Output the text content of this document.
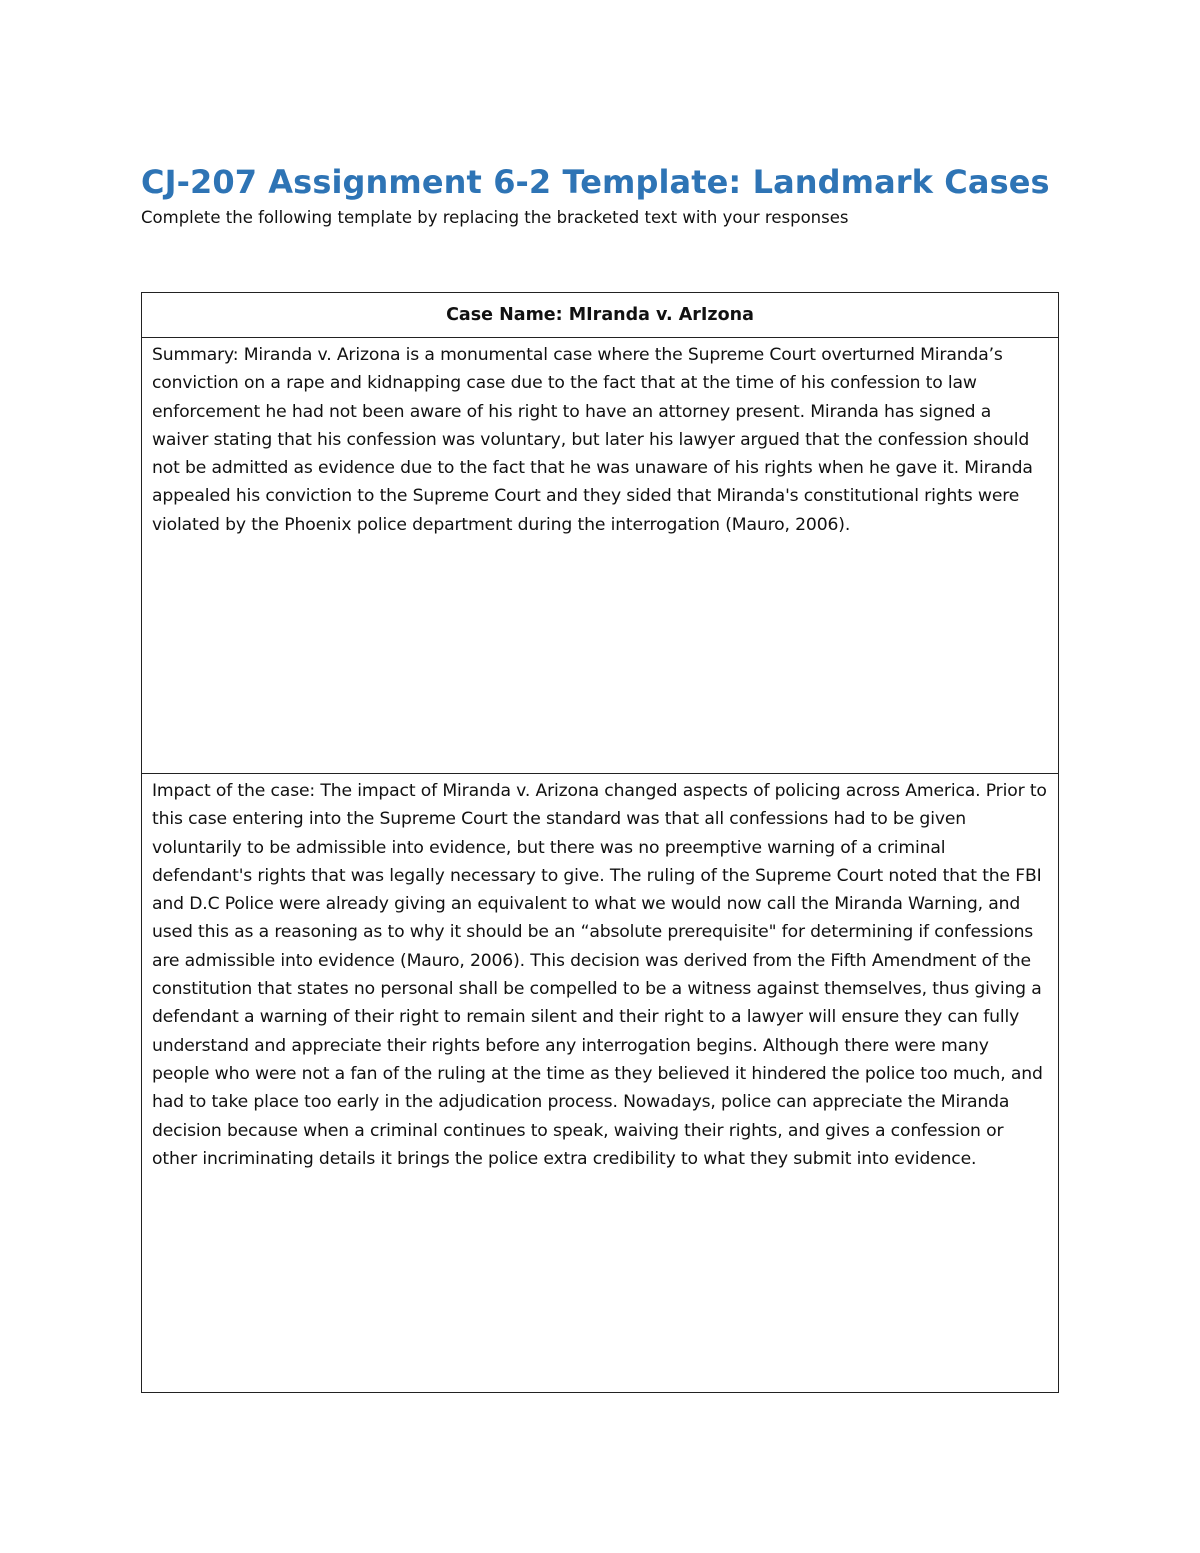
CJ-207 Assignment 6-2 Template: Landmark Cases

Complete the following template by replacing the bracketed text with your responses

Case Name: MIranda v. ArIzona

Summary: Miranda v. Arizona is a monumental case where the Supreme Court overturned Miranda’s conviction on a rape and kidnapping case due to the fact that at the time of his confession to law enforcement he had not been aware of his right to have an attorney present. Miranda has signed a waiver stating that his confession was voluntary, but later his lawyer argued that the confession should not be admitted as evidence due to the fact that he was unaware of his rights when he gave it. Miranda appealed his conviction to the Supreme Court and they sided that Miranda's constitutional rights were violated by the Phoenix police department during the interrogation (Mauro, 2006).

Impact of the case: The impact of Miranda v. Arizona changed aspects of policing across America. Prior to this case entering into the Supreme Court the standard was that all confessions had to be given voluntarily to be admissible into evidence, but there was no preemptive warning of a criminal defendant's rights that was legally necessary to give. The ruling of the Supreme Court noted that the FBI and D.C Police were already giving an equivalent to what we would now call the Miranda Warning, and used this as a reasoning as to why it should be an “absolute prerequisite" for determining if confessions are admissible into evidence (Mauro, 2006). This decision was derived from the Fifth Amendment of the constitution that states no personal shall be compelled to be a witness against themselves, thus giving a defendant a warning of their right to remain silent and their right to a lawyer will ensure they can fully understand and appreciate their rights before any interrogation begins. Although there were many people who were not a fan of the ruling at the time as they believed it hindered the police too much, and had to take place too early in the adjudication process. Nowadays, police can appreciate the Miranda decision because when a criminal continues to speak, waiving their rights, and gives a confession or other incriminating details it brings the police extra credibility to what they submit into evidence.
